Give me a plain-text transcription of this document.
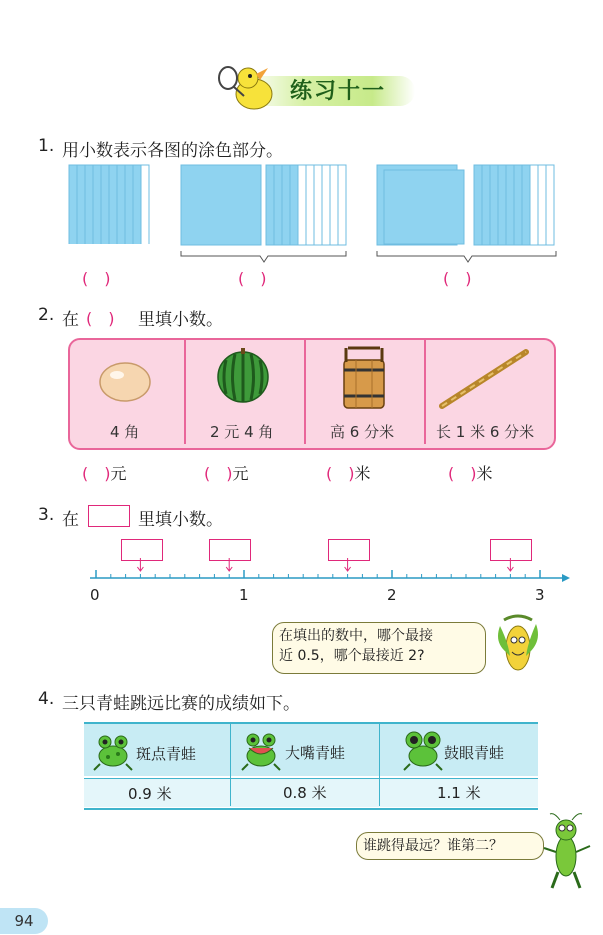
练习十一
1. 用小数表示各图的涂色部分。
(　)	(　)	(　)
2. 在 (　) 里填小数。
4 角	2 元 4 角	高 6 分米	长 1 米 6 分米
(　)元	(　)元	(　)米	(　)米
3. 在	里填小数。
0	1	2	3
在填出的数中，哪个最接
近 0.5，哪个最接近 2?
4. 三只青蛙跳远比赛的成绩如下。
斑点青蛙	大嘴青蛙	鼓眼青蛙
0.9 米	0.8 米	1.1 米
谁跳得最远？谁第二？
94
